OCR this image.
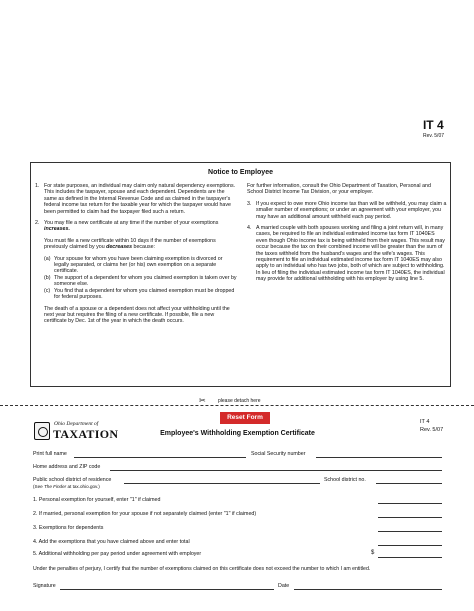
IT 4
Rev. 5/07
Notice to Employee
1. For state purposes, an individual may claim only natural dependency exemptions. This includes the taxpayer, spouse and each dependent. Dependents are the same as defined in the Internal Revenue Code and as claimed in the taxpayer's federal income tax return for the taxable year for which the taxpayer would have been permitted to claim had the taxpayer filed such a return.
2. You may file a new certificate at any time if the number of your exemptions increases.
You must file a new certificate within 10 days if the number of exemptions previously claimed by you decreases because:
(a) Your spouse for whom you have been claiming exemption is divorced or legally separated, or claims her (or his) own exemption on a separate certificate.
(b) The support of a dependent for whom you claimed exemption is taken over by someone else.
(c) You find that a dependent for whom you claimed exemption must be dropped for federal purposes.
The death of a spouse or a dependent does not affect your withholding until the next year but requires the filing of a new certificate. If possible, file a new certificate by Dec. 1st of the year in which the death occurs.
For further information, consult the Ohio Department of Taxation, Personal and School District Income Tax Division, or your employer.
3. If you expect to owe more Ohio income tax than will be withheld, you may claim a smaller number of exemptions; or under an agreement with your employer, you may have an additional amount withheld each pay period.
4. A married couple with both spouses working and filing a joint return will, in many cases, be required to file an individual estimated income tax form IT 1040ES even though Ohio income tax is being withheld from their wages. This result may occur because the tax on their combined income will be greater than the sum of the taxes withheld from the husband's wages and the wife's wages. This requirement to file an individual estimated income tax form IT 1040ES may also apply to an individual who has two jobs, both of which are subject to withholding. In lieu of filing the individual estimated income tax form IT 1040ES, the individual may provide for additional withholding with his employer by using line 5.
✂ please detach here
Reset Form
Ohio Department of
TAXATION	Employee's Withholding Exemption Certificate
IT 4
Rev. 5/07
Print full name	Social Security number
Home address and ZIP code
Public school district of residence	School district no.
(See The Finder at tax.ohio.gov.)
1. Personal exemption for yourself, enter "1" if claimed
2. If married, personal exemption for your spouse if not separately claimed (enter "1" if claimed)
3. Exemptions for dependents
4. Add the exemptions that you have claimed above and enter total
5. Additional withholding per pay period under agreement with employer	$
Under the penalties of perjury, I certify that the number of exemptions claimed on this certificate does not exceed the number to which I am entitled.
Signature	Date
